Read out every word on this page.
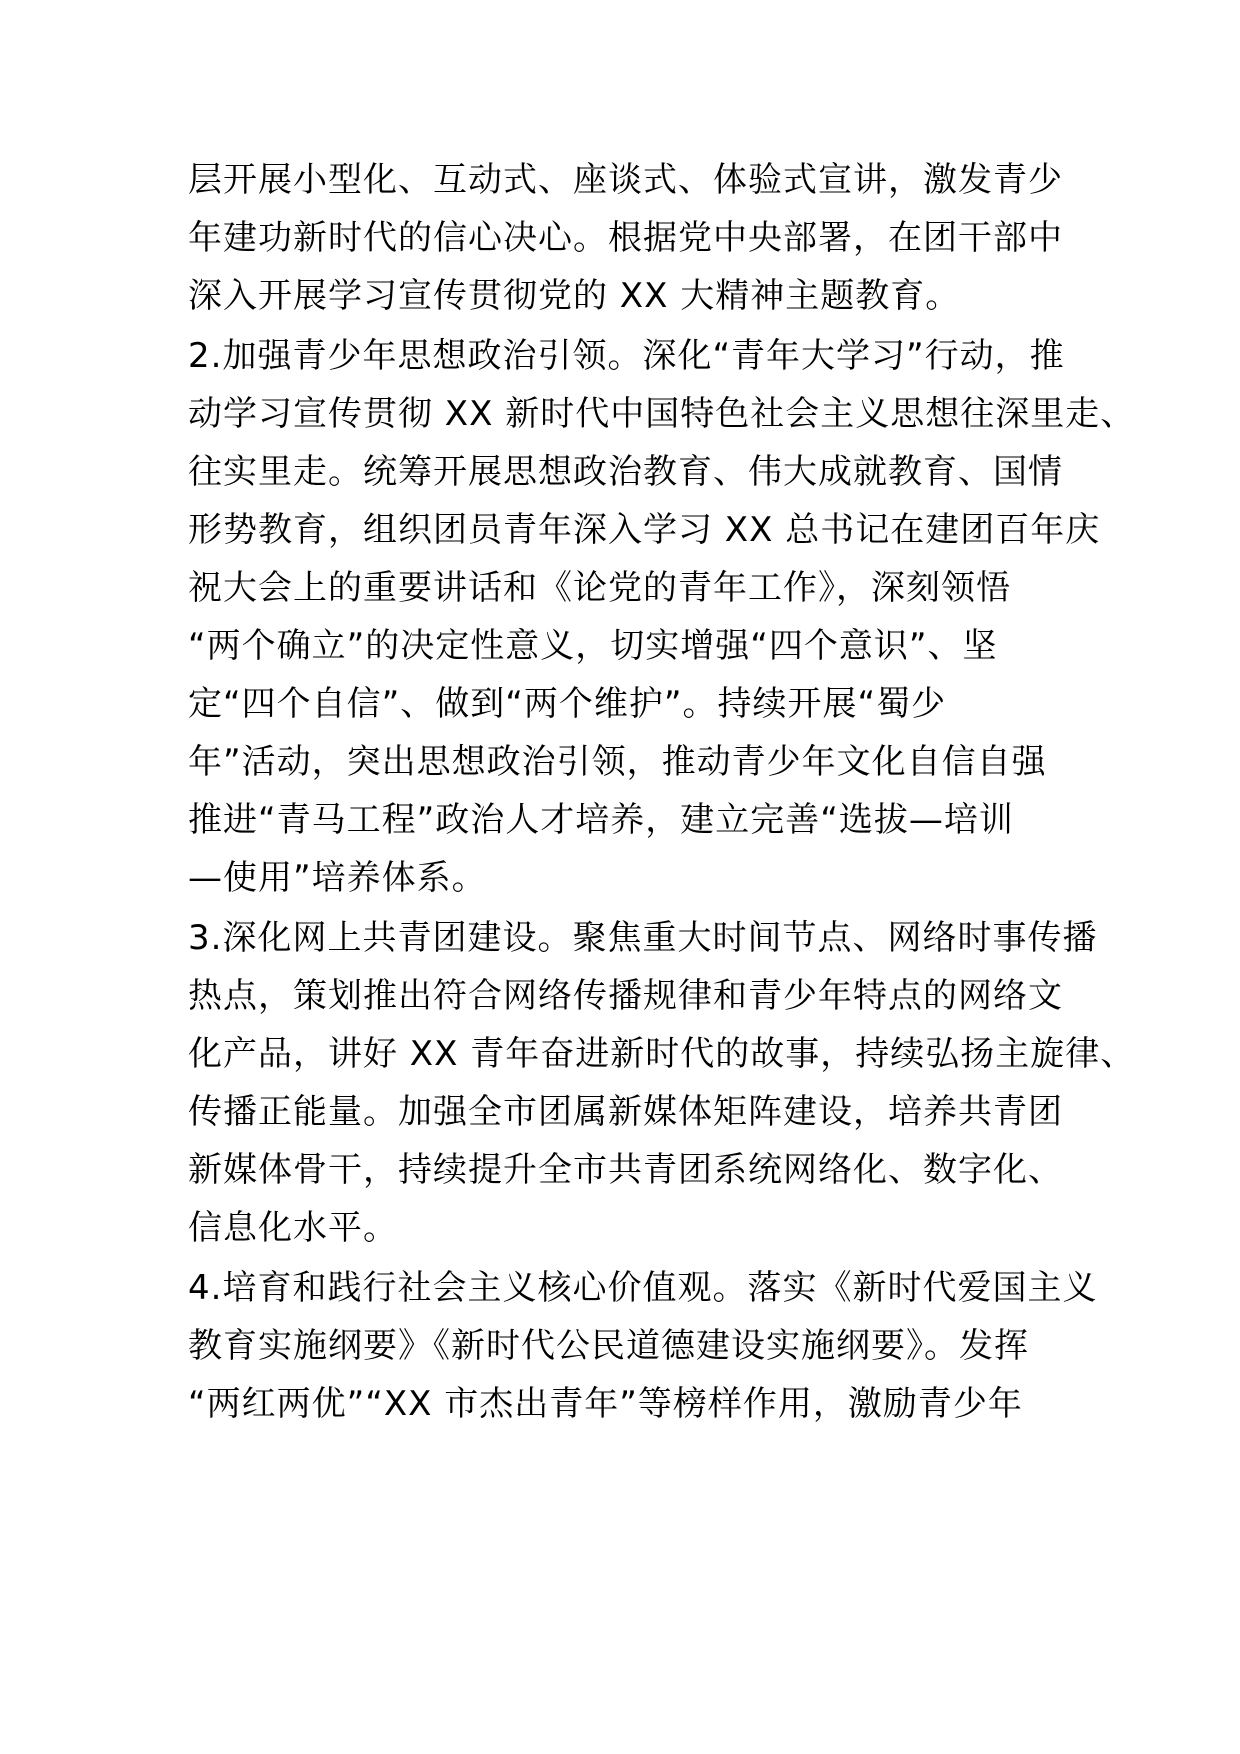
层开展小型化、互动式、座谈式、体验式宣讲，激发青少
年建功新时代的信心决心。根据党中央部署，在团干部中
深入开展学习宣传贯彻党的 XX 大精神主题教育。
2.加强青少年思想政治引领。深化“青年大学习”行动，推
动学习宣传贯彻 XX 新时代中国特色社会主义思想往深里走、
往实里走。统筹开展思想政治教育、伟大成就教育、国情
形势教育，组织团员青年深入学习 XX 总书记在建团百年庆
祝大会上的重要讲话和《论党的青年工作》，深刻领悟
“两个确立”的决定性意义，切实增强“四个意识”、坚
定“四个自信”、做到“两个维护”。持续开展“蜀少
年”活动，突出思想政治引领，推动青少年文化自信自强
推进“青马工程”政治人才培养，建立完善“选拔—培训
—使用”培养体系。
3.深化网上共青团建设。聚焦重大时间节点、网络时事传播
热点，策划推出符合网络传播规律和青少年特点的网络文
化产品，讲好 XX 青年奋进新时代的故事，持续弘扬主旋律、
传播正能量。加强全市团属新媒体矩阵建设，培养共青团
新媒体骨干，持续提升全市共青团系统网络化、数字化、
信息化水平。
4.培育和践行社会主义核心价值观。落实《新时代爱国主义
教育实施纲要》《新时代公民道德建设实施纲要》。发挥
“两红两优”“XX 市杰出青年”等榜样作用，激励青少年
